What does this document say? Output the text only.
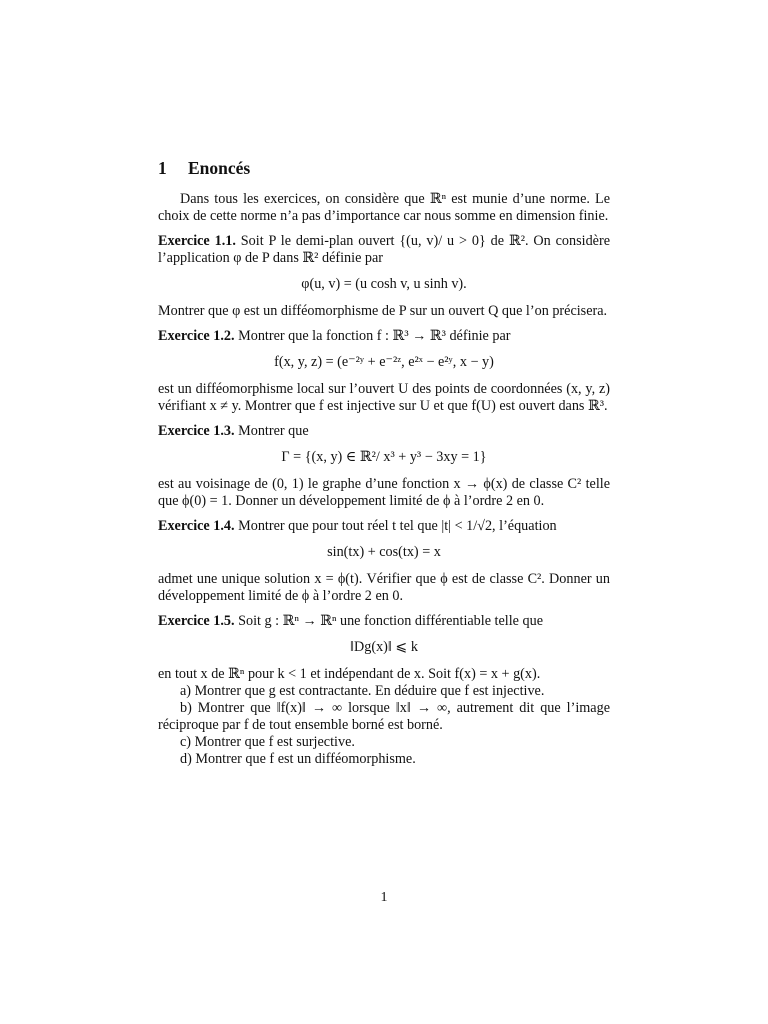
1 Enoncés

Dans tous les exercices, on considère que ℝⁿ est munie d’une norme. Le choix de cette norme n’a pas d’importance car nous somme en dimension finie.

Exercice 1.1. Soit P le demi-plan ouvert {(u, v)/ u > 0} de ℝ². On considère l’application φ de P dans ℝ² définie par

φ(u, v) = (u cosh v, u sinh v).

Montrer que φ est un difféomorphisme de P sur un ouvert Q que l’on précisera.

Exercice 1.2. Montrer que la fonction f : ℝ³ → ℝ³ définie par

f(x, y, z) = (e⁻²ʸ + e⁻²ᶻ, e²ˣ − e²ʸ, x − y)

est un difféomorphisme local sur l’ouvert U des points de coordonnées (x, y, z) vérifiant x ≠ y. Montrer que f est injective sur U et que f(U) est ouvert dans ℝ³.

Exercice 1.3. Montrer que

Γ = {(x, y) ∈ ℝ²/ x³ + y³ − 3xy = 1}

est au voisinage de (0, 1) le graphe d’une fonction x → ϕ(x) de classe C² telle que ϕ(0) = 1. Donner un développement limité de ϕ à l’ordre 2 en 0.

Exercice 1.4. Montrer que pour tout réel t tel que |t| < 1/√2, l’équation

sin(tx) + cos(tx) = x

admet une unique solution x = ϕ(t). Vérifier que ϕ est de classe C². Donner un développement limité de ϕ à l’ordre 2 en 0.

Exercice 1.5. Soit g : ℝⁿ → ℝⁿ une fonction différentiable telle que

‖Dg(x)‖ ⩽ k

en tout x de ℝⁿ pour k < 1 et indépendant de x. Soit f(x) = x + g(x).

a) Montrer que g est contractante. En déduire que f est injective.

b) Montrer que ‖f(x)‖ → ∞ lorsque ‖x‖ → ∞, autrement dit que l’image réciproque par f de tout ensemble borné est borné.

c) Montrer que f est surjective.

d) Montrer que f est un difféomorphisme.

1
